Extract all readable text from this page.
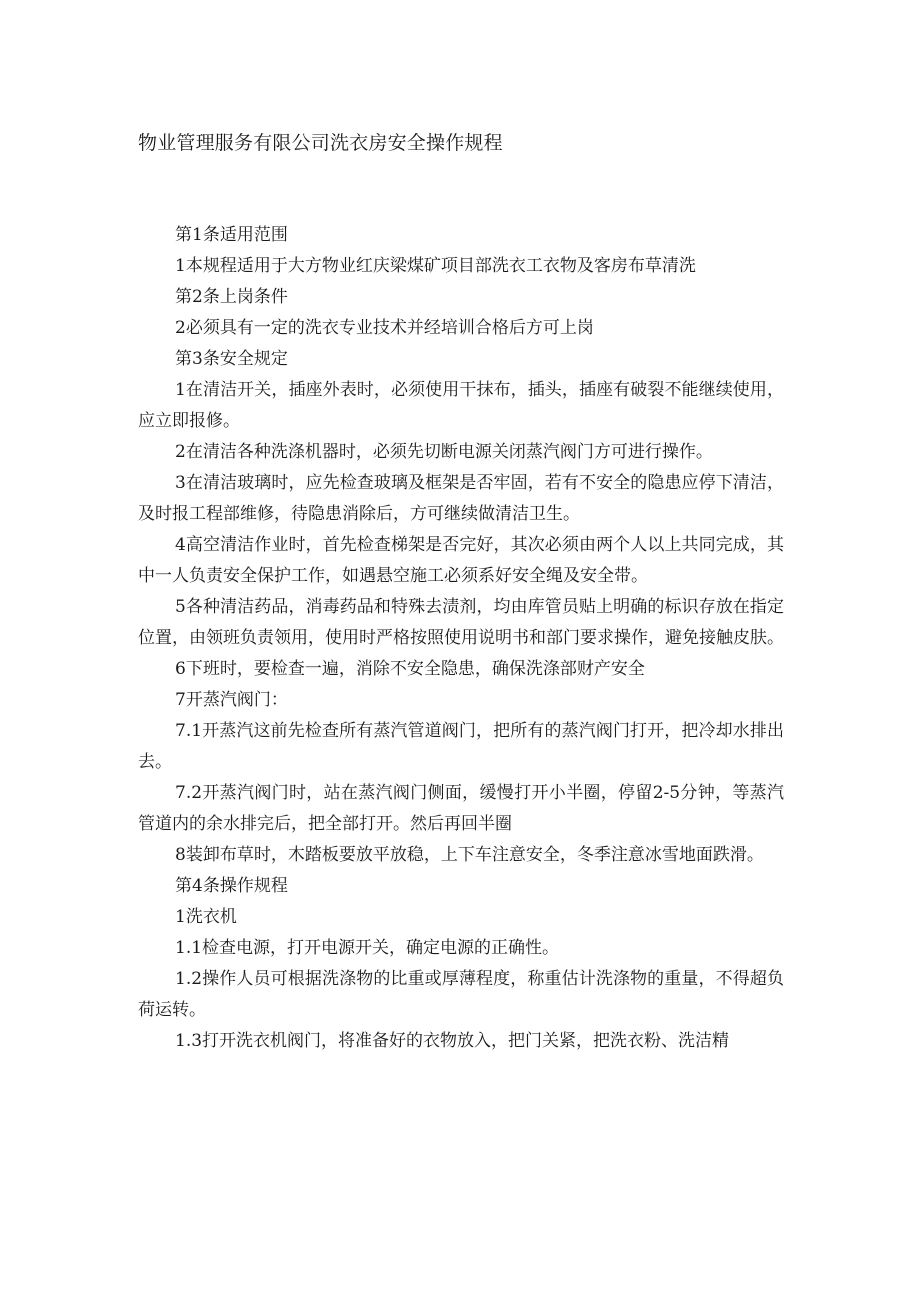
物业管理服务有限公司洗衣房安全操作规程

第1条适用范围

1本规程适用于大方物业红庆梁煤矿项目部洗衣工衣物及客房布草清洗

第2条上岗条件

2必须具有一定的洗衣专业技术并经培训合格后方可上岗

第3条安全规定

1在清洁开关，插座外表时，必须使用干抹布，插头，插座有破裂不能继续使用，应立即报修。

2在清洁各种洗涤机器时，必须先切断电源关闭蒸汽阀门方可进行操作。

3在清洁玻璃时，应先检查玻璃及框架是否牢固，若有不安全的隐患应停下清洁，及时报工程部维修，待隐患消除后，方可继续做清洁卫生。

4高空清洁作业时，首先检查梯架是否完好，其次必须由两个人以上共同完成，其中一人负责安全保护工作，如遇悬空施工必须系好安全绳及安全带。

5各种清洁药品，消毒药品和特殊去渍剂，均由库管员贴上明确的标识存放在指定位置，由领班负责领用，使用时严格按照使用说明书和部门要求操作，避免接触皮肤。

6下班时，要检查一遍，消除不安全隐患，确保洗涤部财产安全

7开蒸汽阀门：

7.1开蒸汽这前先检查所有蒸汽管道阀门，把所有的蒸汽阀门打开，把冷却水排出去。

7.2开蒸汽阀门时，站在蒸汽阀门侧面，缓慢打开小半圈，停留2-5分钟，等蒸汽管道内的余水排完后，把全部打开。然后再回半圈

8装卸布草时，木踏板要放平放稳，上下车注意安全，冬季注意冰雪地面跌滑。

第4条操作规程

1洗衣机

1.1检查电源，打开电源开关，确定电源的正确性。

1.2操作人员可根据洗涤物的比重或厚薄程度，称重估计洗涤物的重量，不得超负荷运转。

1.3打开洗衣机阀门，将准备好的衣物放入，把门关紧，把洗衣粉、洗洁精
